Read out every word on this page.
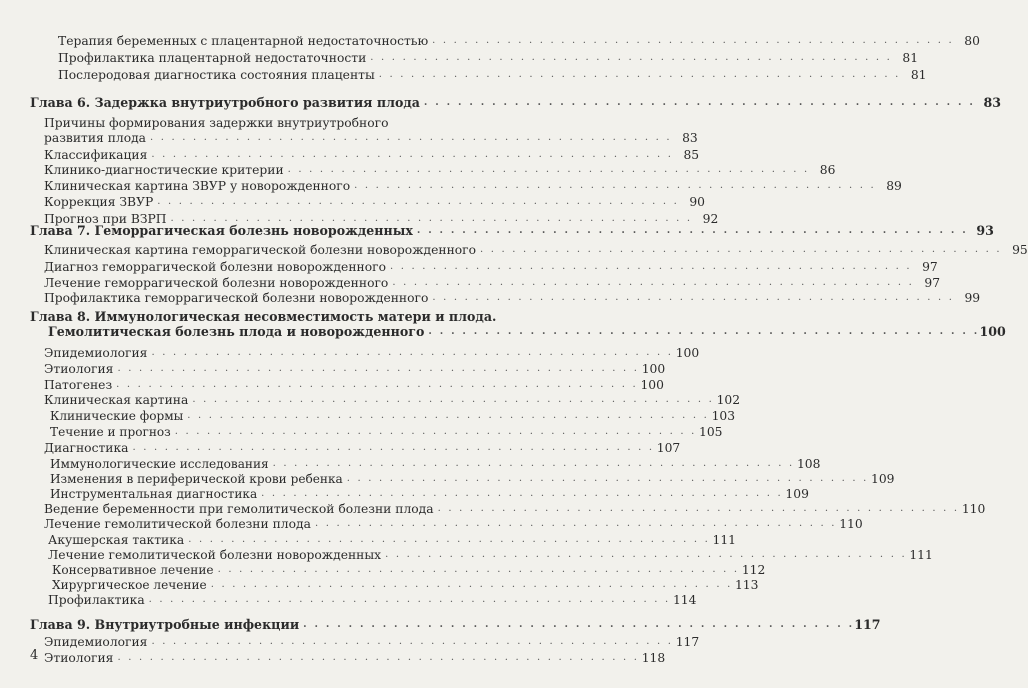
Терапия беременных с плацентарной недостаточностью . . . . . . . . . . . . . . . . . . . . . . . . . . . . . . . . . . . . . . . . . . . . . . . . . 80
Профилактика плацентарной недостаточности . . . . . . . . . . . . . . . . . . . . . . . . . . . . . . . . . . . . . . . . . . . . . . . . . 81
Послеродовая диагностика состояния плаценты . . . . . . . . . . . . . . . . . . . . . . . . . . . . . . . . . . . . . . . . . . . . . . . . . 81
Глава 6. Задержка внутриутробного развития плода . . . . . . . . . . . . . . . . . . . . . . . . . . . . . . . . . . . . . . . . . . . . . . . . . 83
Причины формирования задержки внутриутробного
развития плода . . . . . . . . . . . . . . . . . . . . . . . . . . . . . . . . . . . . . . . . . . . . . . . . . 83
Классификация . . . . . . . . . . . . . . . . . . . . . . . . . . . . . . . . . . . . . . . . . . . . . . . . . 85
Клинико-диагностические критерии . . . . . . . . . . . . . . . . . . . . . . . . . . . . . . . . . . . . . . . . . . . . . . . . . 86
Клиническая картина ЗВУР у новорожденного . . . . . . . . . . . . . . . . . . . . . . . . . . . . . . . . . . . . . . . . . . . . . . . . . 89
Коррекция ЗВУР . . . . . . . . . . . . . . . . . . . . . . . . . . . . . . . . . . . . . . . . . . . . . . . . . 90
Прогноз при ВЗРП . . . . . . . . . . . . . . . . . . . . . . . . . . . . . . . . . . . . . . . . . . . . . . . . . 92
Глава 7. Геморрагическая болезнь новорожденных . . . . . . . . . . . . . . . . . . . . . . . . . . . . . . . . . . . . . . . . . . . . . . . . . 93
Клиническая картина геморрагической болезни новорожденного . . . . . . . . . . . . . . . . . . . . . . . . . . . . . . . . . . . . . . . . . . . . . . . . . 95
Диагноз геморрагической болезни новорожденного . . . . . . . . . . . . . . . . . . . . . . . . . . . . . . . . . . . . . . . . . . . . . . . . . 97
Лечение геморрагической болезни новорожденного . . . . . . . . . . . . . . . . . . . . . . . . . . . . . . . . . . . . . . . . . . . . . . . . . 97
Профилактика геморрагической болезни новорожденного . . . . . . . . . . . . . . . . . . . . . . . . . . . . . . . . . . . . . . . . . . . . . . . . . 99
Глава 8. Иммунологическая несовместимость матери и плода.
Гемолитическая болезнь плода и новорожденного . . . . . . . . . . . . . . . . . . . . . . . . . . . . . . . . . . . . . . . . . . . . . . . . . 100
Эпидемиология . . . . . . . . . . . . . . . . . . . . . . . . . . . . . . . . . . . . . . . . . . . . . . . . . 100
Этиология . . . . . . . . . . . . . . . . . . . . . . . . . . . . . . . . . . . . . . . . . . . . . . . . . 100
Патогенез . . . . . . . . . . . . . . . . . . . . . . . . . . . . . . . . . . . . . . . . . . . . . . . . . 100
Клиническая картина . . . . . . . . . . . . . . . . . . . . . . . . . . . . . . . . . . . . . . . . . . . . . . . . . 102
Клинические формы . . . . . . . . . . . . . . . . . . . . . . . . . . . . . . . . . . . . . . . . . . . . . . . . . 103
Течение и прогноз . . . . . . . . . . . . . . . . . . . . . . . . . . . . . . . . . . . . . . . . . . . . . . . . . 105
Диагностика . . . . . . . . . . . . . . . . . . . . . . . . . . . . . . . . . . . . . . . . . . . . . . . . . 107
Иммунологические исследования . . . . . . . . . . . . . . . . . . . . . . . . . . . . . . . . . . . . . . . . . . . . . . . . . 108
Изменения в периферической крови ребенка . . . . . . . . . . . . . . . . . . . . . . . . . . . . . . . . . . . . . . . . . . . . . . . . . 109
Инструментальная диагностика . . . . . . . . . . . . . . . . . . . . . . . . . . . . . . . . . . . . . . . . . . . . . . . . . 109
Ведение беременности при гемолитической болезни плода . . . . . . . . . . . . . . . . . . . . . . . . . . . . . . . . . . . . . . . . . . . . . . . . . 110
Лечение гемолитической болезни плода . . . . . . . . . . . . . . . . . . . . . . . . . . . . . . . . . . . . . . . . . . . . . . . . . 110
Акушерская тактика . . . . . . . . . . . . . . . . . . . . . . . . . . . . . . . . . . . . . . . . . . . . . . . . . 111
Лечение гемолитической болезни новорожденных . . . . . . . . . . . . . . . . . . . . . . . . . . . . . . . . . . . . . . . . . . . . . . . . . 111
Консервативное лечение . . . . . . . . . . . . . . . . . . . . . . . . . . . . . . . . . . . . . . . . . . . . . . . . . 112
Хирургическое лечение . . . . . . . . . . . . . . . . . . . . . . . . . . . . . . . . . . . . . . . . . . . . . . . . . 113
Профилактика . . . . . . . . . . . . . . . . . . . . . . . . . . . . . . . . . . . . . . . . . . . . . . . . . 114
Глава 9. Внутриутробные инфекции . . . . . . . . . . . . . . . . . . . . . . . . . . . . . . . . . . . . . . . . . . . . . . . . . 117
Эпидемиология . . . . . . . . . . . . . . . . . . . . . . . . . . . . . . . . . . . . . . . . . . . . . . . . . 117
Этиология . . . . . . . . . . . . . . . . . . . . . . . . . . . . . . . . . . . . . . . . . . . . . . . . . 118
4
